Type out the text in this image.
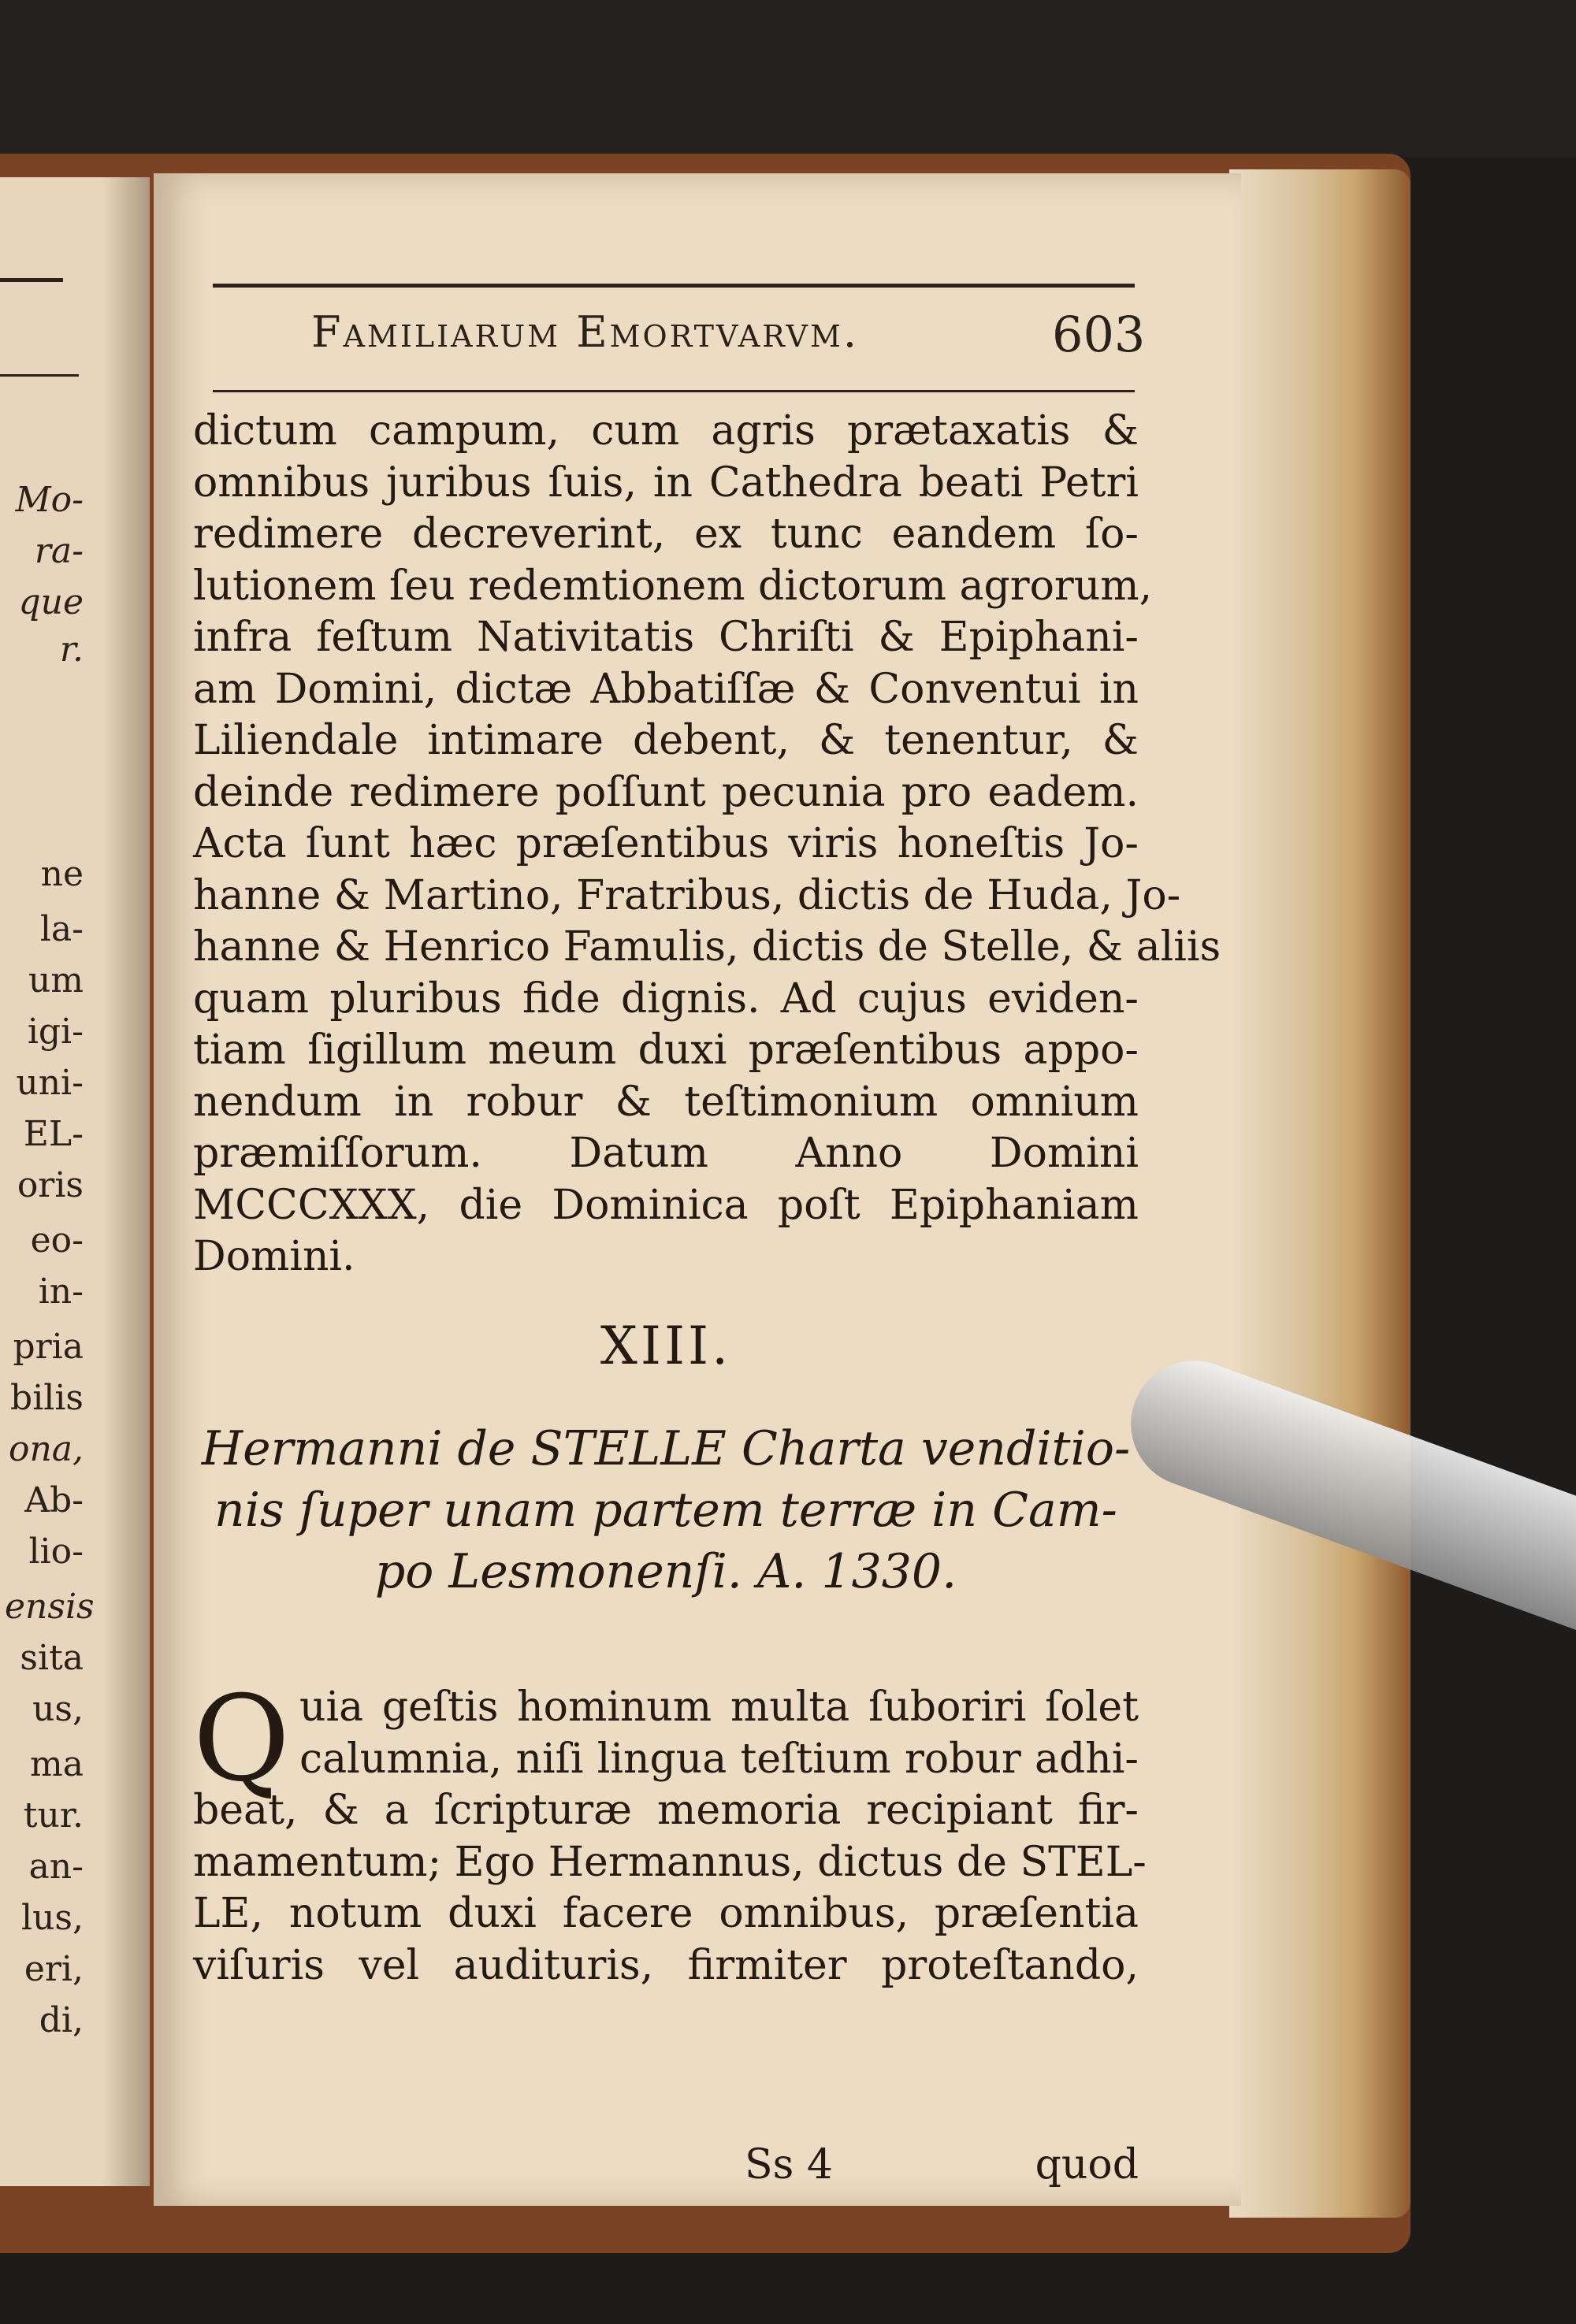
Mo-
ra-
que
r.
ne
la-
um
igi-
uni-
EL-
oris
eo-
in-
pria
bilis
ona,
Ab-
lio-
ensis
sita
us,
ma
tur.
an-
lus,
eri,
di,
Familiarum Emortvarvm.	603
dictum campum, cum agris prætaxatis &
omnibus juribus ſuis, in Cathedra beati Petri
redimere decreverint, ex tunc eandem ſo-
lutionem ſeu redemtionem dictorum agrorum,
infra feſtum Nativitatis Chriſti & Epiphani-
am Domini, dictæ Abbatiſſæ & Conventui in
Liliendale intimare debent, & tenentur, &
deinde redimere poſſunt pecunia pro eadem.
Acta ſunt hæc præſentibus viris honeſtis Jo-
hanne & Martino, Fratribus, dictis de Huda, Jo-
hanne & Henrico Famulis, dictis de Stelle, & aliis
quam pluribus fide dignis. Ad cujus eviden-
tiam ſigillum meum duxi præſentibus appo-
nendum in robur & teſtimonium omnium
præmiſſorum. Datum Anno Domini
MCCCXXX, die Dominica poſt Epiphaniam
Domini.
XIII.
Hermanni de STELLE Charta venditio-
nis ſuper unam partem terræ in Cam-
po Lesmonenſi. A. 1330.
Q uia geſtis hominum multa ſuboriri ſolet
calumnia, niſi lingua teſtium robur adhi-
beat, & a ſcripturæ memoria recipiant fir-
mamentum; Ego Hermannus, dictus de STEL-
LE, notum duxi facere omnibus, præſentia
viſuris vel audituris, firmiter proteſtando,
Ss 4	quod
